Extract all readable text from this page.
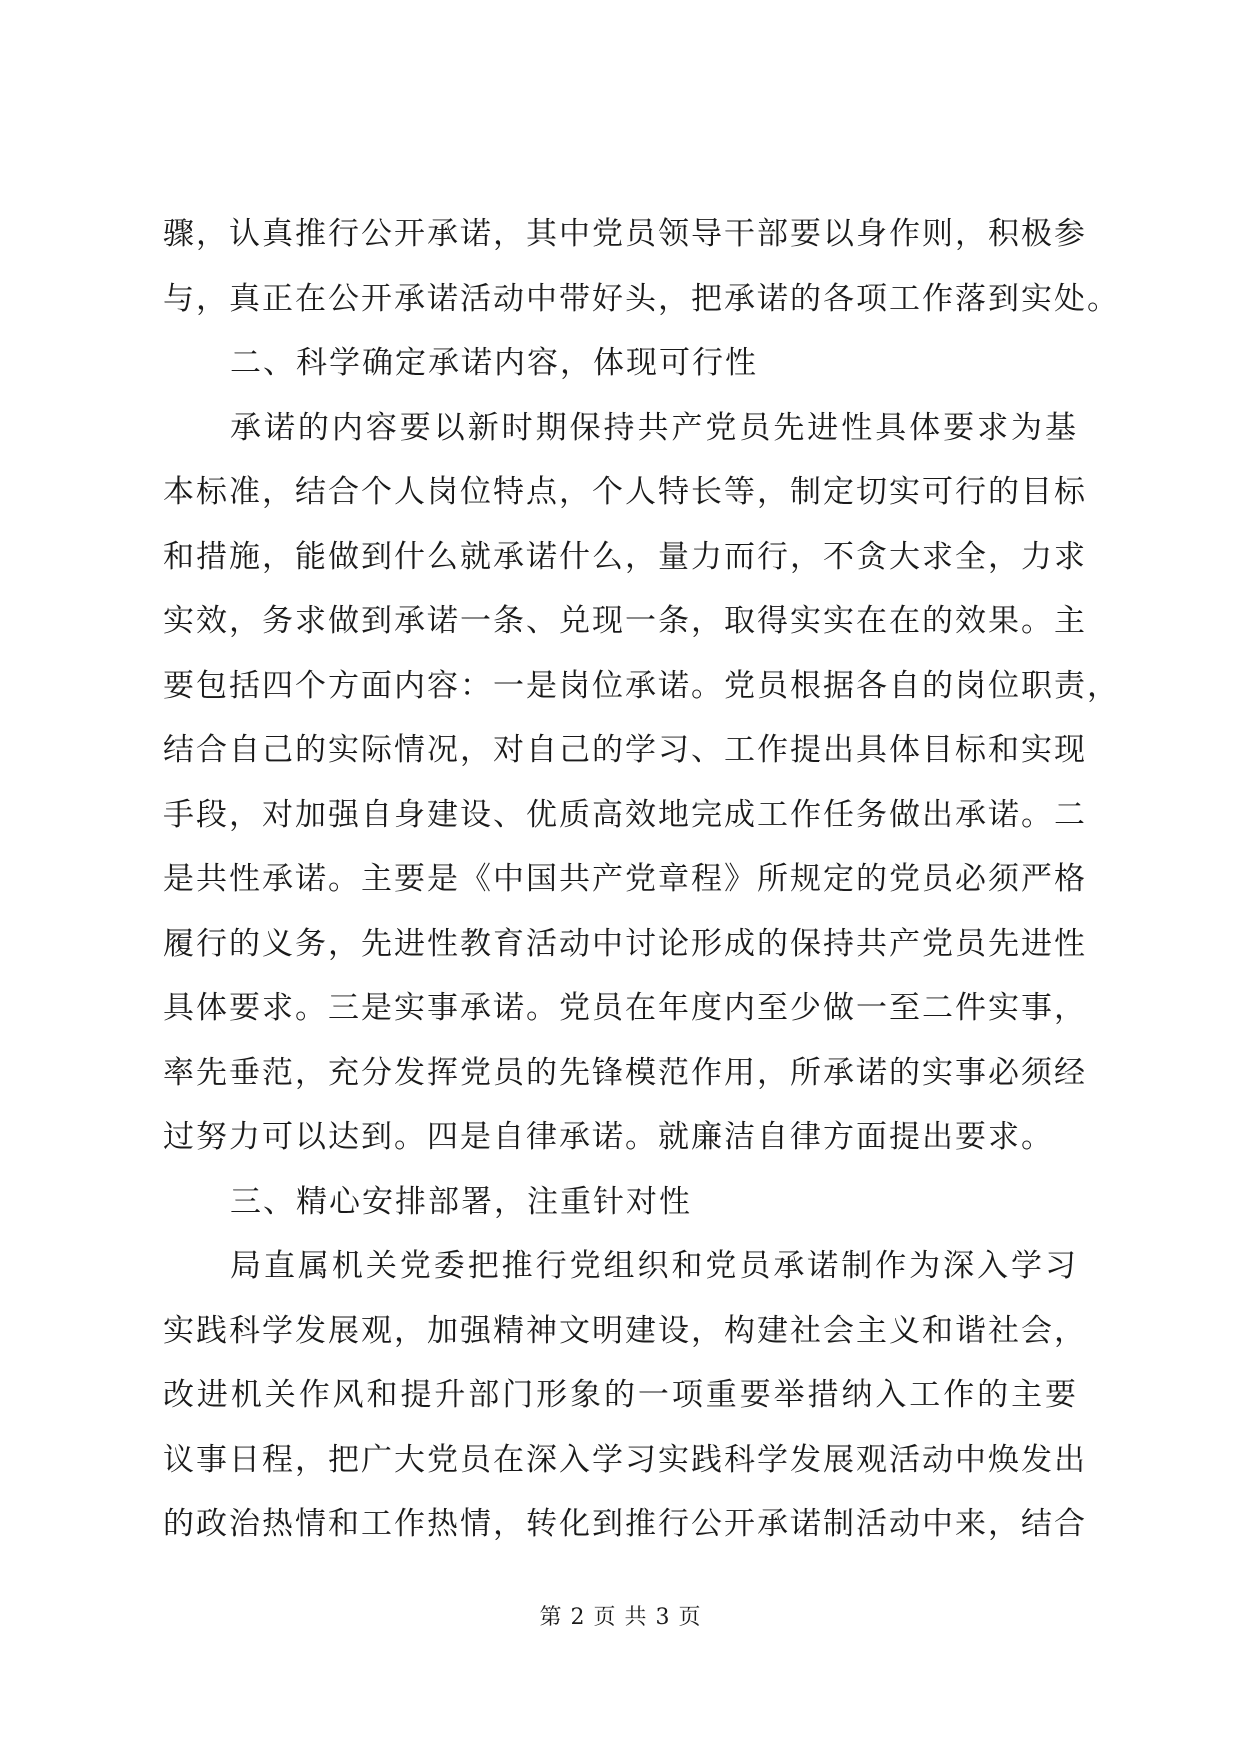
骤，认真推行公开承诺，其中党员领导干部要以身作则，积极参
与，真正在公开承诺活动中带好头，把承诺的各项工作落到实处。
二、科学确定承诺内容，体现可行性
承诺的内容要以新时期保持共产党员先进性具体要求为基
本标准，结合个人岗位特点，个人特长等，制定切实可行的目标
和措施，能做到什么就承诺什么，量力而行，不贪大求全，力求
实效，务求做到承诺一条、兑现一条，取得实实在在的效果。主
要包括四个方面内容：一是岗位承诺。党员根据各自的岗位职责，
结合自己的实际情况，对自己的学习、工作提出具体目标和实现
手段，对加强自身建设、优质高效地完成工作任务做出承诺。二
是共性承诺。主要是《中国共产党章程》所规定的党员必须严格
履行的义务，先进性教育活动中讨论形成的保持共产党员先进性
具体要求。三是实事承诺。党员在年度内至少做一至二件实事，
率先垂范，充分发挥党员的先锋模范作用，所承诺的实事必须经
过努力可以达到。四是自律承诺。就廉洁自律方面提出要求。
三、精心安排部署，注重针对性
局直属机关党委把推行党组织和党员承诺制作为深入学习
实践科学发展观，加强精神文明建设，构建社会主义和谐社会，
改进机关作风和提升部门形象的一项重要举措纳入工作的主要
议事日程，把广大党员在深入学习实践科学发展观活动中焕发出
的政治热情和工作热情，转化到推行公开承诺制活动中来，结合
第 2 页 共 3 页
